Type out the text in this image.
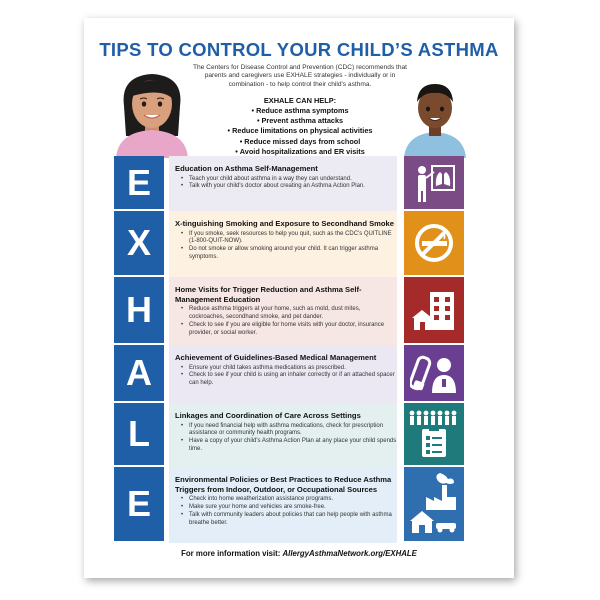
TIPS TO CONTROL YOUR CHILD’S ASTHMA
The Centers for Disease Control and Prevention (CDC) recommends that parents and caregivers use EXHALE strategies - individually or in combination - to help control their child's asthma.
EXHALE CAN HELP:
• Reduce asthma symptoms
• Prevent asthma attacks
• Reduce limitations on physical activities
• Reduce missed days from school
• Avoid hospitalizations and ER visits
E	Education on Asthma Self-Management
• Teach your child about asthma in a way they can understand.
• Talk with your child's doctor about creating an Asthma Action Plan.
X	X-tinguishing Smoking and Exposure to Secondhand Smoke
• If you smoke, seek resources to help you quit, such as the CDC's QUITLINE (1-800-QUIT-NOW).
• Do not smoke or allow smoking around your child. It can trigger asthma symptoms.
H	Home Visits for Trigger Reduction and Asthma Self-Management Education
• Reduce asthma triggers at your home, such as mold, dust mites, cockroaches, secondhand smoke, and pet dander.
• Check to see if you are eligible for home visits with your doctor, insurance provider, or social worker.
A	Achievement of Guidelines-Based Medical Management
• Ensure your child takes asthma medications as prescribed.
• Check to see if your child is using an inhaler correctly or if an attached spacer can help.
L	Linkages and Coordination of Care Across Settings
• If you need financial help with asthma medications, check for prescription assistance or community health programs.
• Have a copy of your child's Asthma Action Plan at any place your child spends time.
E
Environmental Policies or Best Practices to Reduce Asthma Triggers from Indoor, Outdoor, or Occupational Sources
• Check into home weatherization assistance programs.
• Make sure your home and vehicles are smoke-free.
• Talk with community leaders about policies that can help people with asthma breathe better.
For more information visit: AllergyAsthmaNetwork.org/EXHALE
